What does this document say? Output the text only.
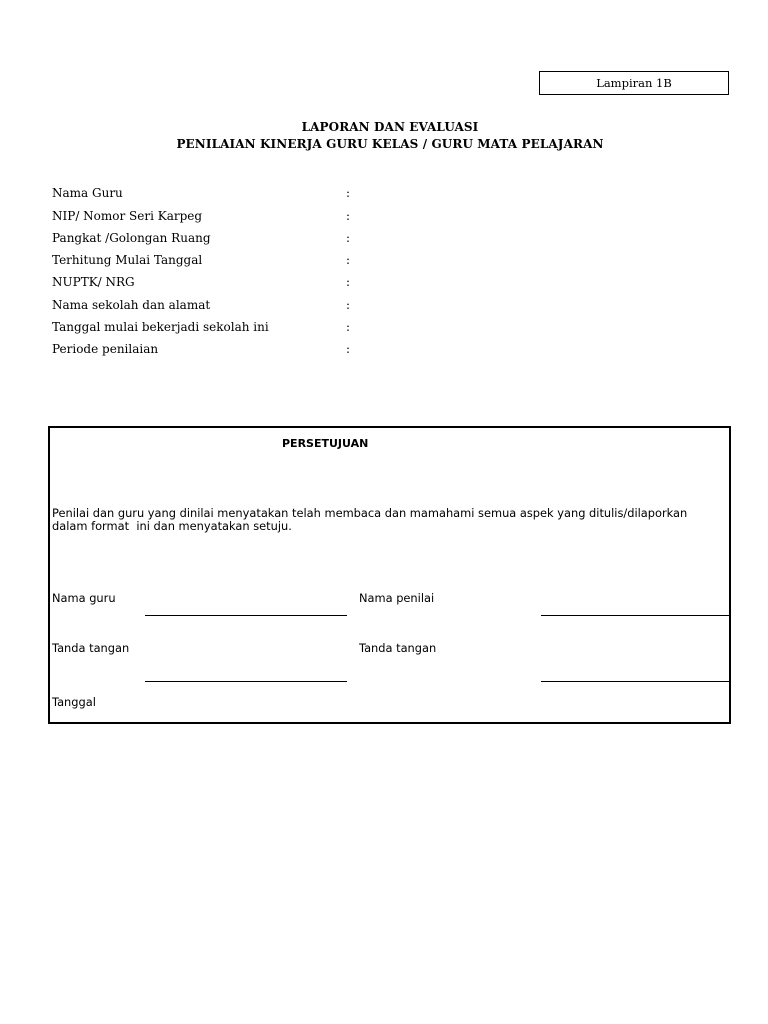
Lampiran 1B
LAPORAN DAN EVALUASI
PENILAIAN KINERJA GURU KELAS / GURU MATA PELAJARAN
Nama Guru	:
NIP/ Nomor Seri Karpeg	:
Pangkat /Golongan Ruang	:
Terhitung Mulai Tanggal	:
NUPTK/ NRG	:
Nama sekolah dan alamat	:
Tanggal mulai bekerjadi sekolah ini	:
Periode penilaian	:
PERSETUJUAN
Penilai dan guru yang dinilai menyatakan telah membaca dan mamahami semua aspek yang ditulis/dilaporkan
dalam format  ini dan menyatakan setuju.
Nama guru	Nama penilai
Tanda tangan	Tanda tangan
Tanggal
